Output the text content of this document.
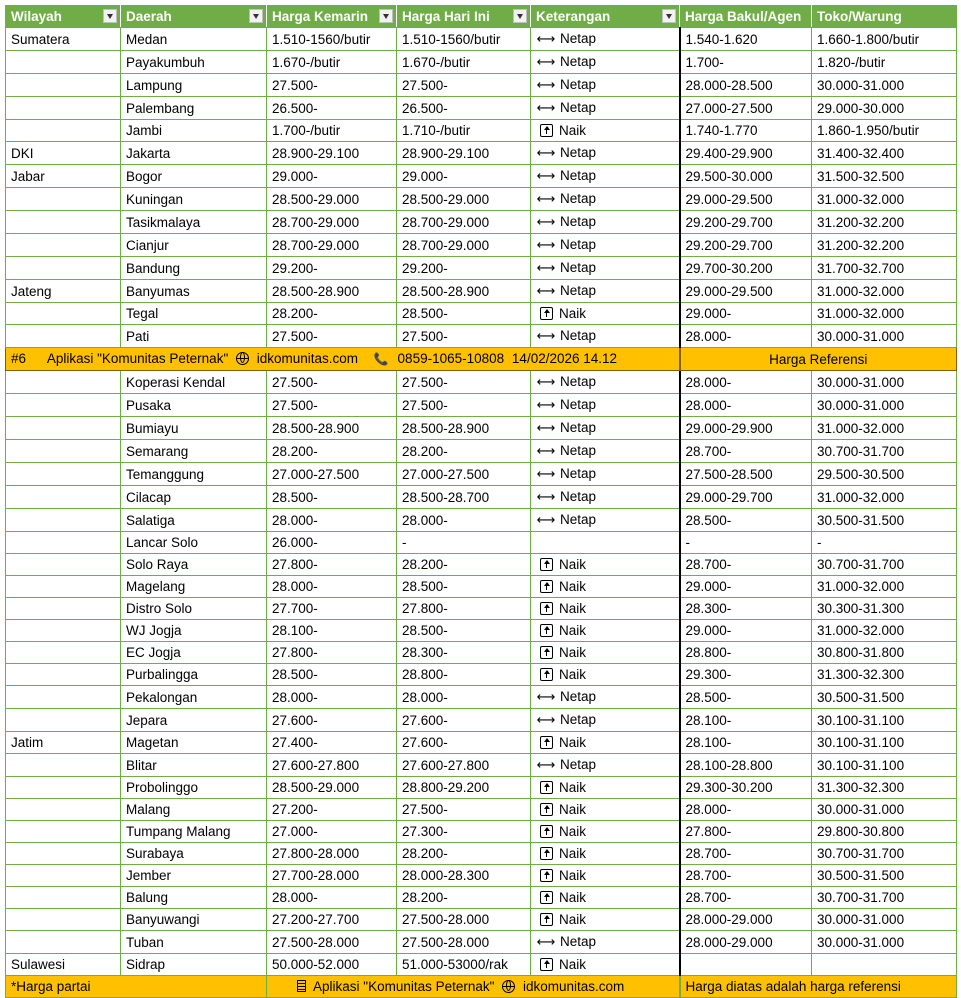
Wilayah	Daerah	Harga Kemarin	Harga Hari Ini	Keterangan	Harga Bakul/Agen	Toko/Warung
Sumatera	Medan	1.510-1560/butir	1.510-1560/butir	⟷ Netap	1.540-1.620	1.660-1.800/butir
	Payakumbuh	1.670-/butir	1.670-/butir	⟷ Netap	1.700-	1.820-/butir
	Lampung	27.500-	27.500-	⟷ Netap	28.000-28.500	30.000-31.000
	Palembang	26.500-	26.500-	⟷ Netap	27.000-27.500	29.000-30.000
	Jambi	1.700-/butir	1.710-/butir	Naik	1.740-1.770	1.860-1.950/butir
DKI	Jakarta	28.900-29.100	28.900-29.100	⟷ Netap	29.400-29.900	31.400-32.400
Jabar	Bogor	29.000-	29.000-	⟷ Netap	29.500-30.000	31.500-32.500
	Kuningan	28.500-29.000	28.500-29.000	⟷ Netap	29.000-29.500	31.000-32.000
	Tasikmalaya	28.700-29.000	28.700-29.000	⟷ Netap	29.200-29.700	31.200-32.200
	Cianjur	28.700-29.000	28.700-29.000	⟷ Netap	29.200-29.700	31.200-32.200
	Bandung	29.200-	29.200-	⟷ Netap	29.700-30.200	31.700-32.700
Jateng	Banyumas	28.500-28.900	28.500-28.900	⟷ Netap	29.000-29.500	31.000-32.000
	Tegal	28.200-	28.500-	Naik	29.000-	31.000-32.000
	Pati	27.500-	27.500-	⟷ Netap	28.000-	30.000-31.000
#6 Aplikasi "Komunitas Peternak" idkomunitas.com 📞 0859-1065-10808 14/02/2026 14.12					Harga Referensi	
	Koperasi Kendal	27.500-	27.500-	⟷ Netap	28.000-	30.000-31.000
	Pusaka	27.500-	27.500-	⟷ Netap	28.000-	30.000-31.000
	Bumiayu	28.500-28.900	28.500-28.900	⟷ Netap	29.000-29.900	31.000-32.000
	Semarang	28.200-	28.200-	⟷ Netap	28.700-	30.700-31.700
	Temanggung	27.000-27.500	27.000-27.500	⟷ Netap	27.500-28.500	29.500-30.500
	Cilacap	28.500-	28.500-28.700	⟷ Netap	29.000-29.700	31.000-32.000
	Salatiga	28.000-	28.000-	⟷ Netap	28.500-	30.500-31.500
	Lancar Solo	26.000-	-		-	-
	Solo Raya	27.800-	28.200-	Naik	28.700-	30.700-31.700
	Magelang	28.000-	28.500-	Naik	29.000-	31.000-32.000
	Distro Solo	27.700-	27.800-	Naik	28.300-	30.300-31.300
	WJ Jogja	28.100-	28.500-	Naik	29.000-	31.000-32.000
	EC Jogja	27.800-	28.300-	Naik	28.800-	30.800-31.800
	Purbalingga	28.500-	28.800-	Naik	29.300-	31.300-32.300
	Pekalongan	28.000-	28.000-	⟷ Netap	28.500-	30.500-31.500
	Jepara	27.600-	27.600-	⟷ Netap	28.100-	30.100-31.100
Jatim	Magetan	27.400-	27.600-	Naik	28.100-	30.100-31.100
	Blitar	27.600-27.800	27.600-27.800	⟷ Netap	28.100-28.800	30.100-31.100
	Probolinggo	28.500-29.000	28.800-29.200	Naik	29.300-30.200	31.300-32.300
	Malang	27.200-	27.500-	Naik	28.000-	30.000-31.000
	Tumpang Malang	27.000-	27.300-	Naik	27.800-	29.800-30.800
	Surabaya	27.800-28.000	28.200-	Naik	28.700-	30.700-31.700
	Jember	27.700-28.000	28.000-28.300	Naik	28.700-	30.500-31.500
	Balung	28.000-	28.200-	Naik	28.700-	30.700-31.700
	Banyuwangi	27.200-27.700	27.500-28.000	Naik	28.000-29.000	30.000-31.000
	Tuban	27.500-28.000	27.500-28.000	⟷ Netap	28.000-29.000	30.000-31.000
Sulawesi	Sidrap	50.000-52.000	51.000-53000/rak	Naik		
*Harga partai		Aplikasi "Komunitas Peternak" idkomunitas.com			Harga diatas adalah harga referensi	
